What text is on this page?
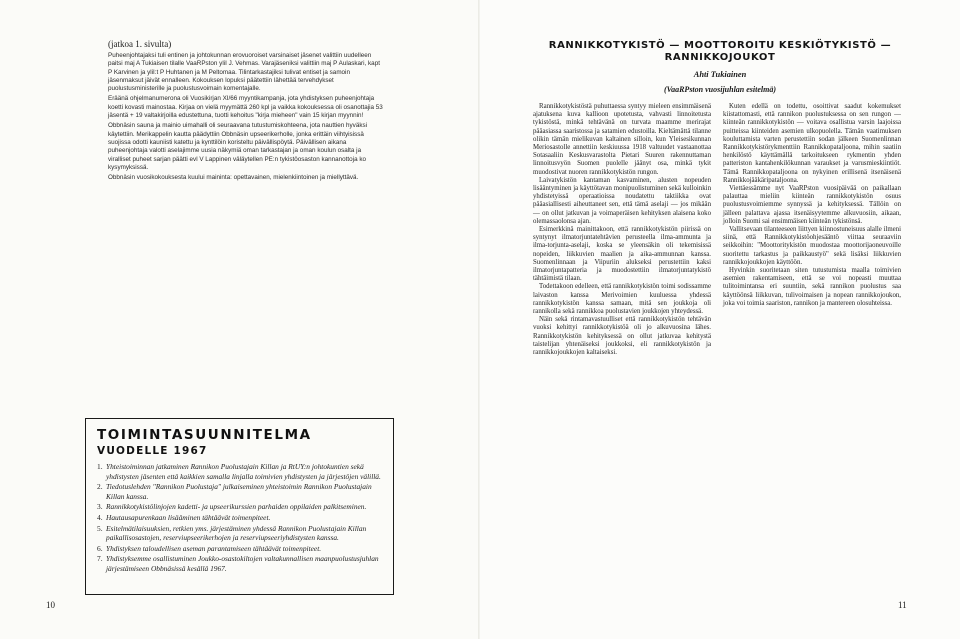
(jatkoa 1. sivulta)

Puheenjohtajaksi tuli entinen ja johtokunnan erovuoroiset varsinaiset jäsenet valittiin uudelleen paitsi maj A Tukiaisen tilalle VaaRPston yliI J. Vehmas. Varajäseniksi valittiin maj P Aulaskari, kapt P Karvinen ja yliI:t P Huhtanen ja M Peltomaa. Tilintarkastajiksi tulivat entiset ja samoin jäsenmaksut jäivät ennalleen. Kokouksen lopuksi päätettiin lähettää tervehdykset puolustusministerille ja puolustusvoimain komentajalle.

Eräänä ohjelmanumerona oli Vuosikirjan XI/66 myyntikampanja, jota yhdistyksen puheenjohtaja koetti kovasti mainostaa. Kirjaa on vielä myymättä 260 kpl ja vaikka kokouksessa oli osanottajia 53 jäsentä + 19 valtakirjoilla edustettuna, tuotti kehoitus "kirja mieheen" vain 15 kirjan myynnin!

Obbnäsin sauna ja mainio uimahalli oli seuraavana tutustumiskohteena, jota nauttien hyväksi käytettiin. Merikappelin kautta päädyttiin Obbnäsin upseerikerholle, jonka erittäin viihtyisissä suojissa odotti kauniisti katettu ja kynttilöin koristeltu päivällispöytä. Päivällisen aikana puheenjohtaja valotti aselajimme uusia näkymiä oman tarkastajan ja oman koulun osalta ja viralliset puheet sarjan päätti evl V Lappinen väläytellen PE:n tykistöosaston kannanottoja ko kysymyksissä.

Obbnäsin vuosikokouksesta kuului maininta: opettavainen, mielenkiintoinen ja miellyttävä.

TOIMINTASUUNNITELMA
VUODELLE 1967
1. Yhteistoiminnan jatkaminen Rannikon Puolustajain Killan ja RtUY:n johtokuntien sekä yhdistysten jäsenten että kaikkien samalla linjalla toimivien yhdistysten ja järjestöjen välillä.
2. Tiedotuslehden "Rannikon Puolustaja" julkaiseminen yhteistoimin Rannikon Puolustajain Killan kanssa.
3. Rannikkotykistölinjojen kadetti- ja upseerikurssien parhaiden oppilaiden palkitseminen.
4. Hautausapurenkaan lisääminen tähtäävät toimenpiteet.
5. Esitelmätilaisuuksien, retkien yms. järjestäminen yhdessä Rannikon Puolustajain Killan paikallisosastojen, reserviupseerikerhojen ja reserviupseeriyhdistysten kanssa.
6. Yhdistyksen taloudellisen aseman parantamiseen tähtäävät toimenpiteet.
7. Yhdistyksemme osallistuminen Joukko-osastokiltojen valtakunnallisen maanpuolustusjuhlan järjestämiseen Obbnäsissä kesällä 1967.
10
RANNIKKOTYKISTÖ — MOOTTOROITU KESKIÖTYKISTÖ — RANNIKKOJOUKOT
Ahti Tukiainen
(VaaRPston vuosijuhlan esitelmä)

Rannikkotykistöstä puhuttaessa syntyy mieleen ensimmäisenä ajatuksena kuva kallioon upotetusta, vahvasti linnoitetusta tykistöstä, minkä tehtävänä on turvata maamme merirajat pääasiassa saaristossa ja satamien edustoilla. Kieltämättä tilanne olikin tämän mielikuvan kaltainen silloin, kun Yleisesikunnan Meriosastolle annettiin keskiuussa 1918 valtuudet vastaanottaa Sotasaaliin Keskusvarastolta Pietari Suuren rakennuttaman linnoitusvyön Suomen puolelle jäänyt osa, minkä tykit muodostivat nuoren rannikkotykistön rungon.

Laivatykistön kantaman kasvaminen, alusten nopeuden lisääntyminen ja käyttötavan monipuolistuminen sekä kulloinkin yhdistetyissä operaatioissa noudatettu taktiikka ovat pääasiallisesti aiheuttaneet sen, että tämä aselaji — jos mikään — on ollut jatkuvan ja voimaperäisen kehityksen alaisena koko olemassaolonsa ajan.

Esimerkkinä mainittakoon, että rannikkotykistön piirissä on syntynyt ilmatorjuntatehtävien perusteella ilma-ammunta ja ilma-torjunta-aselaji, koska se yleensäkin oli tekemisissä nopeiden, liikkuvien maalien ja aika-ammunnan kanssa. Suomenlinnaan ja Viipuriin alukseksi perustettiin kaksi ilmatorjuntapatteria ja muodostettiin ilmatorjuntatykistö tähtäimistä tilaan.

Todettakoon edelleen, että rannikkotykistön toimi sodissamme laivaston kanssa Merivoimien kuuluessa yhdessä rannikkotykistön kanssa samaan, mitä sen joukkoja oli rannikolla sekä rannikkoa puolustavien joukkojen yhteydessä.

Näin sekä rintamavastuulliset että rannikkotykistön tehtävän vuoksi kehittyi rannikkotykistöä oli jo alkuvuosina lähes. Rannikkotykistön kehityksessä on ollut jatkuvaa kehitystä taistelijan yhtenäiseksi joukkoksi, eli rannikkotykistön ja rannikkojoukkojen kaltaiseksi.

Kuten edellä on todettu, osoittivat saadut kokemukset kiistattomasti, että rannikon puolustuksessa on sen rungon — kiinteän rannikkotykistön — voitava osallistua varsin laajoissa puitteissa kiinteiden asemien ulkopuolella. Tämän vaatimuksen kouluttamista varten perustettiin sodan jälkeen Suomenlinnan Rannikkotykistörykmenttiin Rannikkopataljoona, mihin saatiin henkilöstö käyttämällä tarkoitukseen rykmentin yhden patteriston kantahenkilökunnan varaukset ja varusmieskiintiöt. Tämä Rannikkopataljoona on nykyinen erillisenä itsenäisenä Rannikkojääkäripataljoona.

Viettäessämme nyt VaaRPston vuosipäivää on paikallaan palauttaa mieliin kiinteän rannikkotykistön osuus puolustusvoimiemme synnyssä ja kehityksessä. Tällöin on jälleen palattava ajassa itsenäisyytemme alkuvuosiin, aikaan, jolloin Suomi sai ensimmäisen kiinteän tykistönsä.

Vallitsevaan tilanteeseen liittyen kiinnostuneisuus alalle ilmeni siinä, että Rannikkotykistöohjesääntö viittaa seuraaviin seikkoihin: "Moottoritykistön muodostaa moottorijaoneuvoille suoritettu tarkastus ja paikkaustyö" sekä lisäksi liikkuvien rannikkojoukkojen käyttöön.

Hyvinkin suoritetaan siten tutustumista maalla toimivien asemien rakentamiseen, että se voi nopeasti muuttaa tulitoimintansa eri suuntiin, sekä rannikon puolustus saa käyttöönsä liikkuvan, tulivoimaisen ja nopean rannikkojoukon, joka voi toimia saariston, rannikon ja mantereen olosuhteissa.

11
